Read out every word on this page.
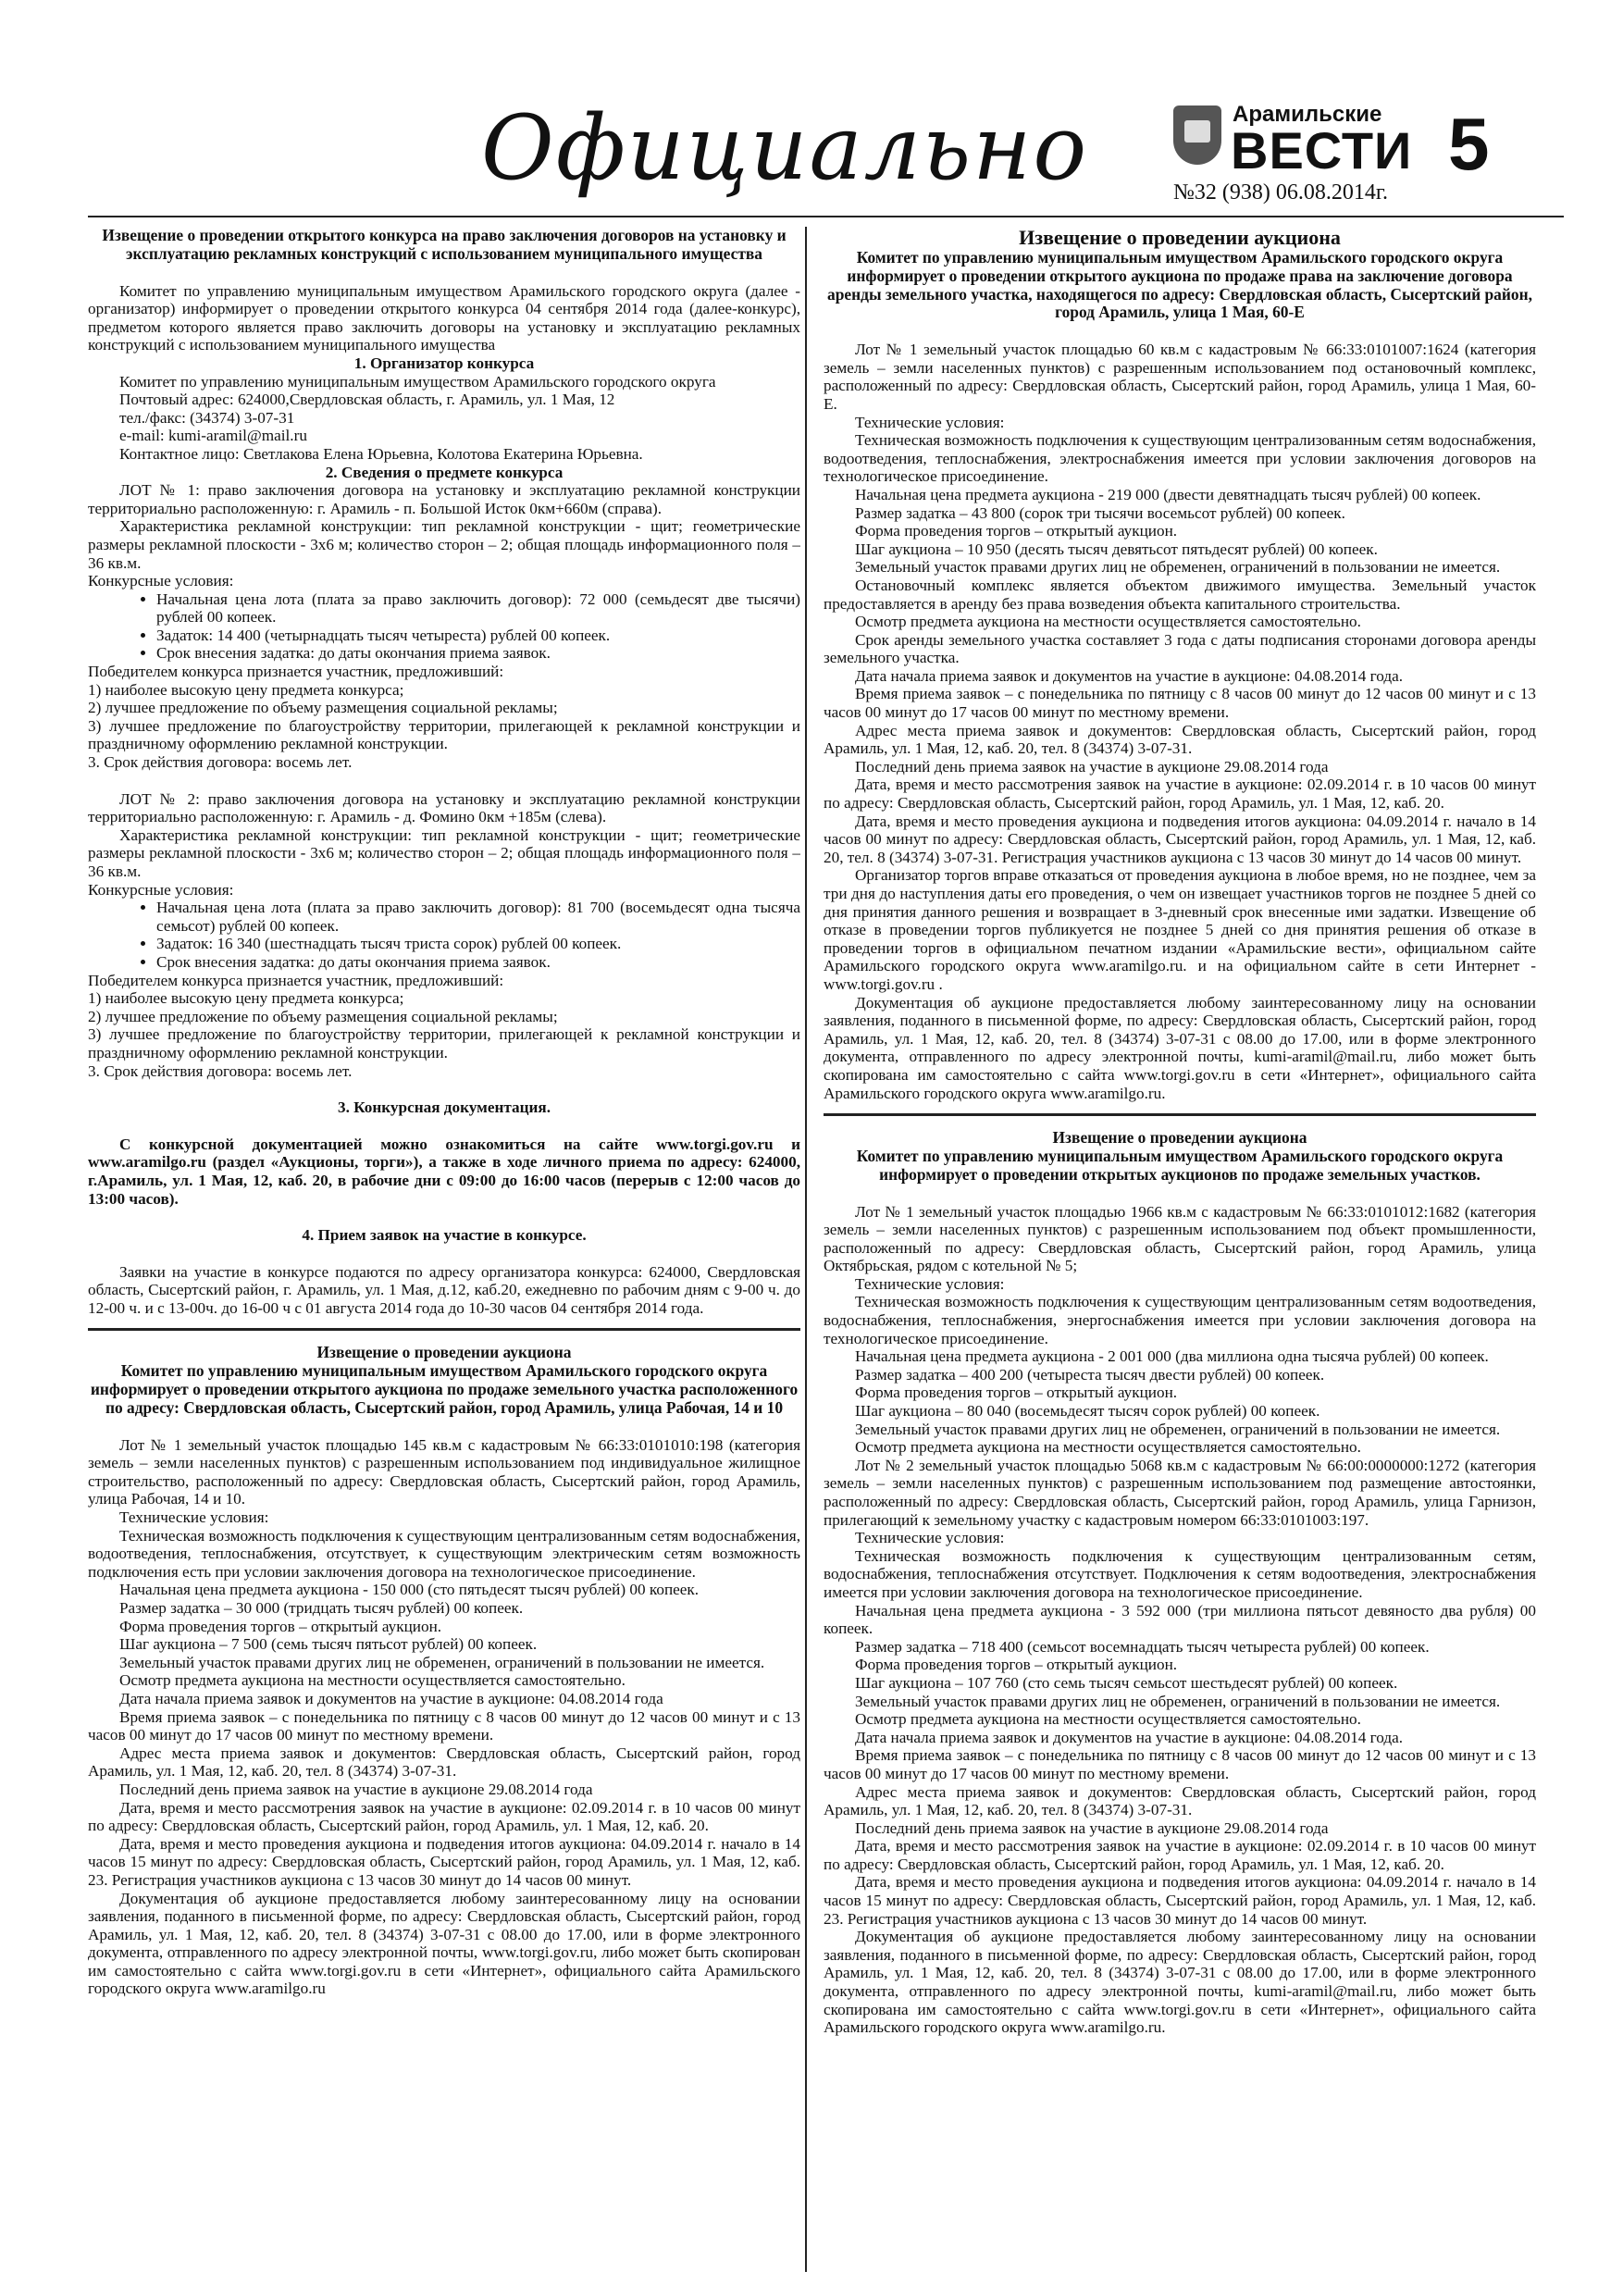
Официально	Арамильские
ВЕСТИ
№32 (938) 06.08.2014г.
5
Извещение о проведении открытого конкурса на право заключения договоров на установку и эксплуатацию рекламных конструкций с использованием муниципального имущества

Комитет по управлению муниципальным имуществом Арамильского городского округа (далее - организатор) информирует о проведении открытого конкурса 04 сентября 2014 года (далее-конкурс), предметом которого является право заключить договоры на установку и эксплуатацию рекламных конструкций с использованием муниципального имущества

1. Организатор конкурса

Комитет по управлению муниципальным имуществом Арамильского городского округа

Почтовый адрес: 624000,Свердловская область, г. Арамиль, ул. 1 Мая, 12

тел./факс: (34374) 3-07-31

e-mail: kumi-aramil@mail.ru

Контактное лицо: Светлакова Елена Юрьевна, Колотова Екатерина Юрьевна.

2. Сведения о предмете конкурса

ЛОТ № 1: право заключения договора на установку и эксплуатацию рекламной конструкции территориально расположенную: г. Арамиль - п. Большой Исток 0км+660м (справа).

Характеристика рекламной конструкции: тип рекламной конструкции - щит; геометрические размеры рекламной плоскости - 3х6 м; количество сторон – 2; общая площадь информационного поля – 36 кв.м.

Конкурсные условия:

• Начальная цена лота (плата за право заключить договор): 72 000 (семьдесят две тысячи) рублей 00 копеек.
• Задаток: 14 400 (четырнадцать тысяч четыреста) рублей 00 копеек.
• Срок внесения задатка: до даты окончания приема заявок.

Победителем конкурса признается участник, предложивший:

1) наиболее высокую цену предмета конкурса;

2) лучшее предложение по объему размещения социальной рекламы;

3) лучшее предложение по благоустройству территории, прилегающей к рекламной конструкции и праздничному оформлению рекламной конструкции.

3. Срок действия договора: восемь лет.

ЛОТ № 2: право заключения договора на установку и эксплуатацию рекламной конструкции территориально расположенную: г. Арамиль - д. Фомино 0км +185м (слева).

Характеристика рекламной конструкции: тип рекламной конструкции - щит; геометрические размеры рекламной плоскости - 3х6 м; количество сторон – 2; общая площадь информационного поля – 36 кв.м.

Конкурсные условия:

• Начальная цена лота (плата за право заключить договор): 81 700 (восемьдесят одна тысяча семьсот) рублей 00 копеек.
• Задаток: 16 340 (шестнадцать тысяч триста сорок) рублей 00 копеек.
• Срок внесения задатка: до даты окончания приема заявок.

Победителем конкурса признается участник, предложивший:

1) наиболее высокую цену предмета конкурса;

2) лучшее предложение по объему размещения социальной рекламы;

3) лучшее предложение по благоустройству территории, прилегающей к рекламной конструкции и праздничному оформлению рекламной конструкции.

3. Срок действия договора: восемь лет.

3. Конкурсная документация.

С конкурсной документацией можно ознакомиться на сайте www.torgi.gov.ru и www.aramilgo.ru (раздел «Аукционы, торги»), а также в ходе личного приема по адресу: 624000, г.Арамиль, ул. 1 Мая, 12, каб. 20, в рабочие дни с 09:00 до 16:00 часов (перерыв с 12:00 часов до 13:00 часов).

4. Прием заявок на участие в конкурсе.

Заявки на участие в конкурсе подаются по адресу организатора конкурса: 624000, Свердловская область, Сысертский район, г. Арамиль, ул. 1 Мая, д.12, каб.20, ежедневно по рабочим дням с 9-00 ч. до 12-00 ч. и с 13-00ч. до 16-00 ч с 01 августа 2014 года до 10-30 часов 04 сентября 2014 года.

Извещение о проведении аукциона
Комитет по управлению муниципальным имуществом Арамильского городского округа информирует о проведении открытого аукциона по продаже земельного участка расположенного по адресу: Свердловская область, Сысертский район, город Арамиль, улица Рабочая, 14 и 10

Лот № 1 земельный участок площадью 145 кв.м с кадастровым № 66:33:0101010:198 (категория земель – земли населенных пунктов) с разрешенным использованием под индивидуальное жилищное строительство, расположенный по адресу: Свердловская область, Сысертский район, город Арамиль, улица Рабочая, 14 и 10.

Технические условия:

Техническая возможность подключения к существующим централизованным сетям водоснабжения, водоотведения, теплоснабжения, отсутствует, к существующим электрическим сетям возможность подключения есть при условии заключения договора на технологическое присоединение.

Начальная цена предмета аукциона - 150 000 (сто пятьдесят тысяч рублей) 00 копеек.

Размер задатка – 30 000 (тридцать тысяч рублей) 00 копеек.

Форма проведения торгов – открытый аукцион.

Шаг аукциона – 7 500 (семь тысяч пятьсот рублей) 00 копеек.

Земельный участок правами других лиц не обременен, ограничений в пользовании не имеется.

Осмотр предмета аукциона на местности осуществляется самостоятельно.

Дата начала приема заявок и документов на участие в аукционе: 04.08.2014 года

Время приема заявок – с понедельника по пятницу с 8 часов 00 минут до 12 часов 00 минут и с 13 часов 00 минут до 17 часов 00 минут по местному времени.

Адрес места приема заявок и документов: Свердловская область, Сысертский район, город Арамиль, ул. 1 Мая, 12, каб. 20, тел. 8 (34374) 3-07-31.

Последний день приема заявок на участие в аукционе 29.08.2014 года

Дата, время и место рассмотрения заявок на участие в аукционе: 02.09.2014 г. в 10 часов 00 минут по адресу: Свердловская область, Сысертский район, город Арамиль, ул. 1 Мая, 12, каб. 20.

Дата, время и место проведения аукциона и подведения итогов аукциона: 04.09.2014 г. начало в 14 часов 15 минут по адресу: Свердловская область, Сысертский район, город Арамиль, ул. 1 Мая, 12, каб. 23. Регистрация участников аукциона с 13 часов 30 минут до 14 часов 00 минут.

Документация об аукционе предоставляется любому заинтересованному лицу на основании заявления, поданного в письменной форме, по адресу: Свердловская область, Сысертский район, город Арамиль, ул. 1 Мая, 12, каб. 20, тел. 8 (34374) 3-07-31 с 08.00 до 17.00, или в форме электронного документа, отправленного по адресу электронной почты, www.torgi.gov.ru, либо может быть скопирован им самостоятельно с сайта www.torgi.gov.ru в сети «Интернет», официального сайта Арамильского городского округа www.aramilgo.ru

Извещение о проведении аукциона
Комитет по управлению муниципальным имуществом Арамильского городского округа информирует о проведении открытого аукциона по продаже права на заключение договора аренды земельного участка, находящегося по адресу: Свердловская область, Сысертский район, город Арамиль, улица 1 Мая, 60-Е

Лот № 1 земельный участок площадью 60 кв.м с кадастровым № 66:33:0101007:1624 (категория земель – земли населенных пунктов) с разрешенным использованием под остановочный комплекс, расположенный по адресу: Свердловская область, Сысертский район, город Арамиль, улица 1 Мая, 60-Е.

Технические условия:

Техническая возможность подключения к существующим централизованным сетям водоснабжения, водоотведения, теплоснабжения, электроснабжения имеется при условии заключения договоров на технологическое присоединение.

Начальная цена предмета аукциона - 219 000 (двести девятнадцать тысяч рублей) 00 копеек.

Размер задатка – 43 800 (сорок три тысячи восемьсот рублей) 00 копеек.

Форма проведения торгов – открытый аукцион.

Шаг аукциона – 10 950 (десять тысяч девятьсот пятьдесят рублей) 00 копеек.

Земельный участок правами других лиц не обременен, ограничений в пользовании не имеется.

Остановочный комплекс является объектом движимого имущества. Земельный участок предоставляется в аренду без права возведения объекта капитального строительства.

Осмотр предмета аукциона на местности осуществляется самостоятельно.

Срок аренды земельного участка составляет 3 года с даты подписания сторонами договора аренды земельного участка.

Дата начала приема заявок и документов на участие в аукционе: 04.08.2014 года.

Время приема заявок – с понедельника по пятницу с 8 часов 00 минут до 12 часов 00 минут и с 13 часов 00 минут до 17 часов 00 минут по местному времени.

Адрес места приема заявок и документов: Свердловская область, Сысертский район, город Арамиль, ул. 1 Мая, 12, каб. 20, тел. 8 (34374) 3-07-31.

Последний день приема заявок на участие в аукционе 29.08.2014 года

Дата, время и место рассмотрения заявок на участие в аукционе: 02.09.2014 г. в 10 часов 00 минут по адресу: Свердловская область, Сысертский район, город Арамиль, ул. 1 Мая, 12, каб. 20.

Дата, время и место проведения аукциона и подведения итогов аукциона: 04.09.2014 г. начало в 14 часов 00 минут по адресу: Свердловская область, Сысертский район, город Арамиль, ул. 1 Мая, 12, каб. 20, тел. 8 (34374) 3-07-31. Регистрация участников аукциона с 13 часов 30 минут до 14 часов 00 минут.

Организатор торгов вправе отказаться от проведения аукциона в любое время, но не позднее, чем за три дня до наступления даты его проведения, о чем он извещает участников торгов не позднее 5 дней со дня принятия данного решения и возвращает в 3-дневный срок внесенные ими задатки. Извещение об отказе в проведении торгов публикуется не позднее 5 дней со дня принятия решения об отказе в проведении торгов в официальном печатном издании «Арамильские вести», официальном сайте Арамильского городского округа www.aramilgo.ru. и на официальном сайте в сети Интернет - www.torgi.gov.ru .

Документация об аукционе предоставляется любому заинтересованному лицу на основании заявления, поданного в письменной форме, по адресу: Свердловская область, Сысертский район, город Арамиль, ул. 1 Мая, 12, каб. 20, тел. 8 (34374) 3-07-31 с 08.00 до 17.00, или в форме электронного документа, отправленного по адресу электронной почты, kumi-aramil@mail.ru, либо может быть скопирована им самостоятельно с сайта www.torgi.gov.ru в сети «Интернет», официального сайта Арамильского городского округа www.aramilgo.ru.

Извещение о проведении аукциона
Комитет по управлению муниципальным имуществом Арамильского городского округа информирует о проведении открытых аукционов по продаже земельных участков.

Лот № 1 земельный участок площадью 1966 кв.м с кадастровым № 66:33:0101012:1682 (категория земель – земли населенных пунктов) с разрешенным использованием под объект промышленности, расположенный по адресу: Свердловская область, Сысертский район, город Арамиль, улица Октябрьская, рядом с котельной № 5;

Технические условия:

Техническая возможность подключения к существующим централизованным сетям водоотведения, водоснабжения, теплоснабжения, энергоснабжения имеется при условии заключения договора на технологическое присоединение.

Начальная цена предмета аукциона - 2 001 000 (два миллиона одна тысяча рублей) 00 копеек.

Размер задатка – 400 200 (четыреста тысяч двести рублей) 00 копеек.

Форма проведения торгов – открытый аукцион.

Шаг аукциона – 80 040 (восемьдесят тысяч сорок рублей) 00 копеек.

Земельный участок правами других лиц не обременен, ограничений в пользовании не имеется.

Осмотр предмета аукциона на местности осуществляется самостоятельно.

Лот № 2 земельный участок площадью 5068 кв.м с кадастровым № 66:00:0000000:1272 (категория земель – земли населенных пунктов) с разрешенным использованием под размещение автостоянки, расположенный по адресу: Свердловская область, Сысертский район, город Арамиль, улица Гарнизон, прилегающий к земельному участку с кадастровым номером 66:33:0101003:197.

Технические условия:

Техническая возможность подключения к существующим централизованным сетям, водоснабжения, теплоснабжения отсутствует. Подключения к сетям водоотведения, электроснабжения имеется при условии заключения договора на технологическое присоединение.

Начальная цена предмета аукциона - 3 592 000 (три миллиона пятьсот девяносто два рубля) 00 копеек.

Размер задатка – 718 400 (семьсот восемнадцать тысяч четыреста рублей) 00 копеек.

Форма проведения торгов – открытый аукцион.

Шаг аукциона – 107 760 (сто семь тысяч семьсот шестьдесят рублей) 00 копеек.

Земельный участок правами других лиц не обременен, ограничений в пользовании не имеется.

Осмотр предмета аукциона на местности осуществляется самостоятельно.

Дата начала приема заявок и документов на участие в аукционе: 04.08.2014 года.

Время приема заявок – с понедельника по пятницу с 8 часов 00 минут до 12 часов 00 минут и с 13 часов 00 минут до 17 часов 00 минут по местному времени.

Адрес места приема заявок и документов: Свердловская область, Сысертский район, город Арамиль, ул. 1 Мая, 12, каб. 20, тел. 8 (34374) 3-07-31.

Последний день приема заявок на участие в аукционе 29.08.2014 года

Дата, время и место рассмотрения заявок на участие в аукционе: 02.09.2014 г. в 10 часов 00 минут по адресу: Свердловская область, Сысертский район, город Арамиль, ул. 1 Мая, 12, каб. 20.

Дата, время и место проведения аукциона и подведения итогов аукциона: 04.09.2014 г. начало в 14 часов 15 минут по адресу: Свердловская область, Сысертский район, город Арамиль, ул. 1 Мая, 12, каб. 23. Регистрация участников аукциона с 13 часов 30 минут до 14 часов 00 минут.

Документация об аукционе предоставляется любому заинтересованному лицу на основании заявления, поданного в письменной форме, по адресу: Свердловская область, Сысертский район, город Арамиль, ул. 1 Мая, 12, каб. 20, тел. 8 (34374) 3-07-31 с 08.00 до 17.00, или в форме электронного документа, отправленного по адресу электронной почты, kumi-aramil@mail.ru, либо может быть скопирована им самостоятельно с сайта www.torgi.gov.ru в сети «Интернет», официального сайта Арамильского городского округа www.aramilgo.ru.
